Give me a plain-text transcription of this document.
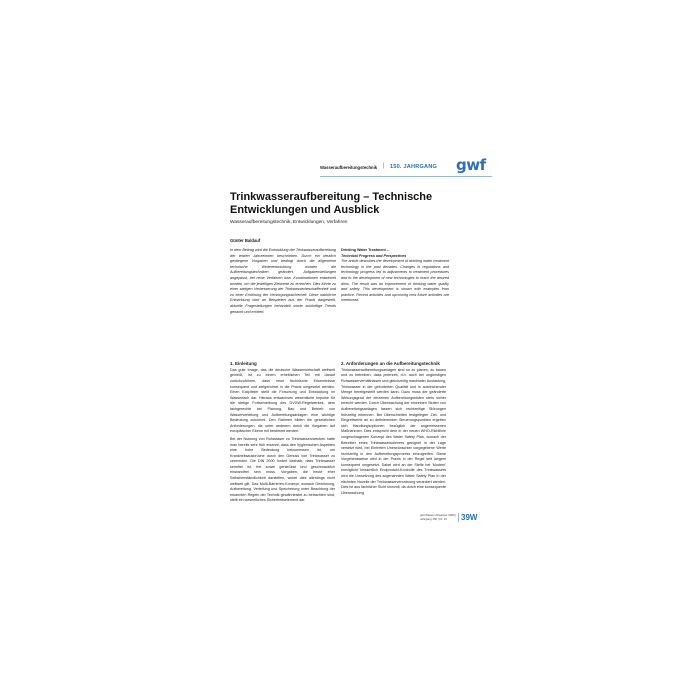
Wasseraufbereitungstechnik | 150. JAHRGANG gwf
Trinkwasseraufbereitung – Technische Entwicklungen und Ausblick
Wasseraufbereitungstechnik, Entwicklungen, Verfahren
Günter Baldauf
In dem Beitrag wird die Entwicklung der Trinkwasseraufbereitung der letzten Jahrzehnten beschrieben. Durch ein deutlich gestiegene Vorgaben und bedingt durch die allgemeine technische Weiterentwicklung wurden die Aufbereitungstechniken geändert. Aufgabenstellungen angepasst, bei neue Verfahren bzw. Kombinationen entwickelt worden, um die jeweiligen Zielwerte zu erreichen. Dies führte zu einer stetigen Verbesserung der Trinkwasserbeschaffenheit und zu einer Erhöhung der Versorgungssicherheit. Diese natürliche Entwicklung wird an Beispielen aus der Praxis dargestellt, aktuelle Fragestellungen behandelt sowie zukünftige Trends genannt und erörtert.
Drinking Water Treatment –
Technical Progress and Perspectives
The article describes the development of drinking water treatment technology in the past decades. Changes in regulations and technology progress led to adjustments to treatment procedures and to the development of new technologies to reach the desired aims. The result was an improvement of drinking water quality and safety. This development is shown with examples from practice. Recent activities and upcoming new future activities are mentioned.
1. Einleitung

Das gute Image, das die deutsche Wasserwirtschaft weltweit genießt, ist zu einem erheblichen Teil mit darauf zurückzuführen, dass neue technische Erkenntnisse konsequent und zielgerichtet in die Praxis umgesetzt werden. Einen Eckpfeiler stellt die Forschung und Entwicklung im Wasserfach dar. Hieraus entwachsen wesentliche Impulse für die stetige Fortschreibung des DVGW-Regelwerkes, dem fachgerechte bei Planung, Bau und Betrieb von Wasserverteilung und Aufbereitungsanlagen eine wichtige Bedeutung zukommt. Den Rahmen bilden die gesetzlichen Anforderungen, die unter anderem durch die Vorgaben auf europäischer Ebene mit bestimmt werden.

Bei der Nutzung von Rohwasser zu Trinkwasserzwecken hatte man bereits sehr früh erkannt, dass den hygienischen Aspekten eine hohe Bedeutung beizumessen ist, um Krankheitsausbrüche durch den Genuss von Trinkwasser zu vermeiden. Die DIN 2000 fordert deshalb, dass Trinkwasser keimfrei ist, frei sowie genießbar und geschmacklich einwandfrei sein muss. Vorgaben, die heute eher Selbstverständlichkeit darstellen, wobei dies allerdings nicht weltweit gilt. Das Multi-Barrieren-Konzept, wonach Gewinnung, Aufbereitung, Verteilung und Speicherung unter Beachtung der erkannten Regeln der Technik gewährleistet zu betrachten sind, stellt ein wesentliches Sicherheitselement dar.

2. Anforderungen an die Aufbereitungstechnik

Trinkwasseraufbereitungsanlagen sind so zu planen, zu bauen und zu betreiben, dass jederzeit, d.h. auch bei ungünstigen Rohwasserverhältnissen und gleichzeitig maximaler Auslastung, Trinkwasser in der geforderten Qualität und in ausreichender Menge bereitgestellt werden kann. Dazu muss der geänderte Wirkungsgrad der einzelnen Aufbereitungsstufen stets sicher erreicht werden. Durch Überwachung der einzelnen Stufen von Aufbereitungsanlagen lassen sich rechtzeitige Störungen frühzeitig erkennen. Bei Überschreiten festgelegter Ziel- und Eingreifwerte an zu definierenden Steuerungspunkten ergeben sich Handlungsoptionen bezüglich der angemessenen Maßnahmen. Dies entspricht dem in der neuen WHO-Richtlinie vorgeschlagenen Konzept des Water Safety Plan, wonach der Betreiber eines Trinkwassersdieners geeignet in der Lage versetzt wird, bei Eintreten Unerwünschter vorgegebene Werte rechtzeitig in den Aufbereitungsprozess einzugreifen. Diese Vorgehensweise wird in der Praxis in der Regel seit langem konsequent umgesetzt. Dabei wird an der Stelle bei 'Modern' ermöglicht hinsichtlich Endprodukt-Kontrolle des Trinkwassers wird die Umsetzung des sogenannten Water Safety Plan in der nächsten Novelle der Trinkwasserverordnung verankert werden. Dies ist aus fachlicher Sicht sinnvoll, da durch eine konsequente Überwachung

gwf-Wasser Abwasser 2009 | Jahrgang 150 | Nr. 13	39W
